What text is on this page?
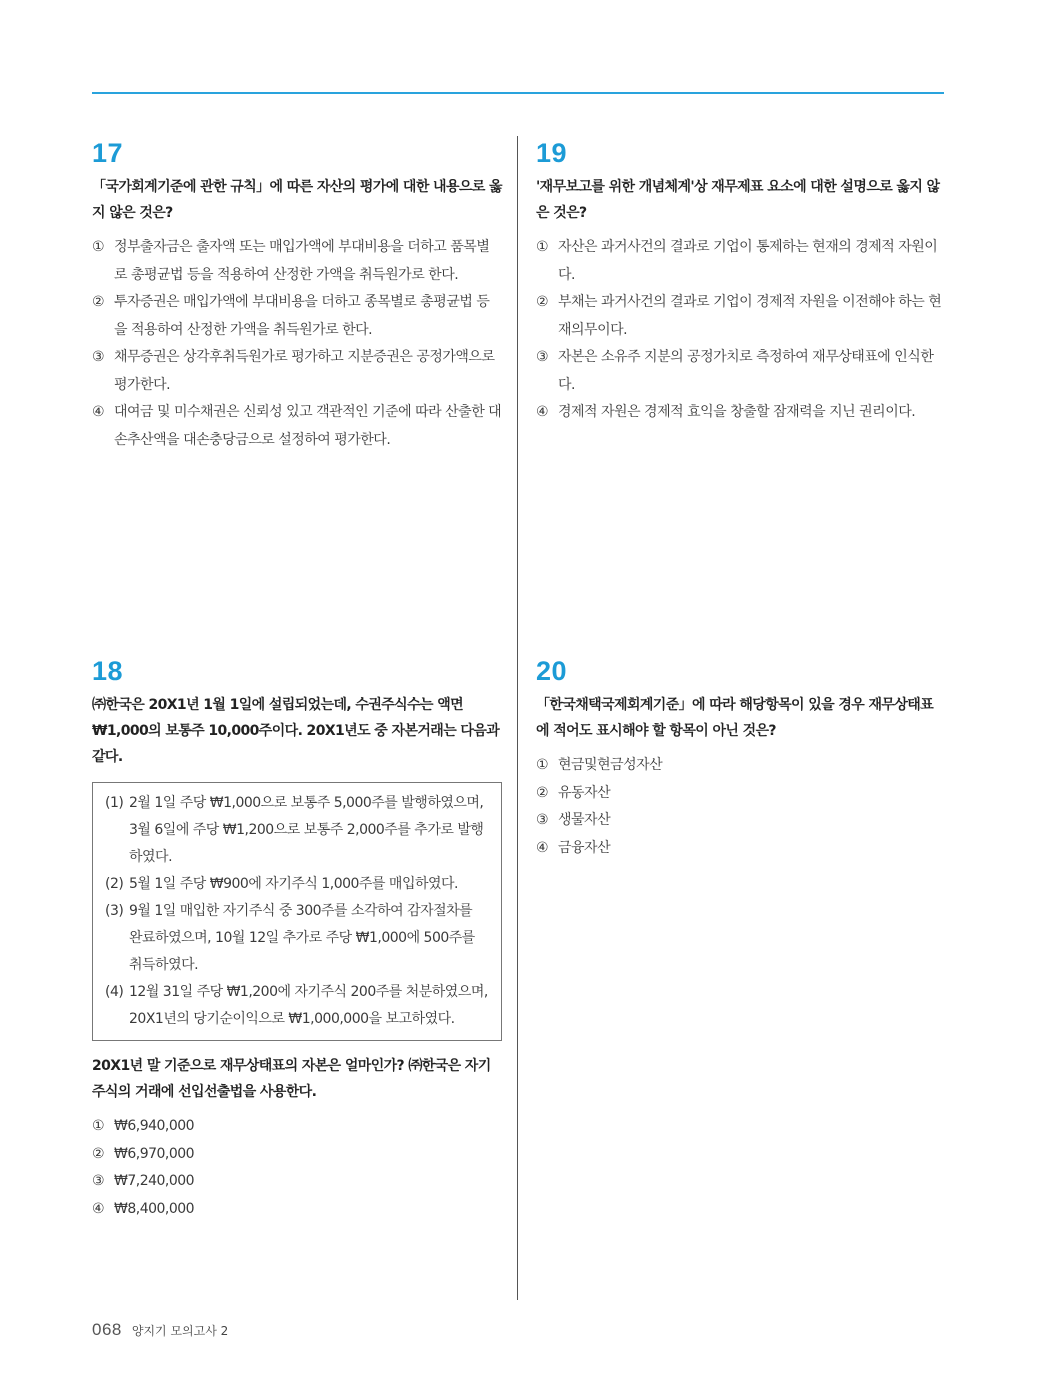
17
「국가회계기준에 관한 규칙」에 따른 자산의 평가에 대한 내용으로 옳지 않은 것은?
① 정부출자금은 출자액 또는 매입가액에 부대비용을 더하고 품목별로 총평균법 등을 적용하여 산정한 가액을 취득원가로 한다.
② 투자증권은 매입가액에 부대비용을 더하고 종목별로 총평균법 등을 적용하여 산정한 가액을 취득원가로 한다.
③ 채무증권은 상각후취득원가로 평가하고 지분증권은 공정가액으로 평가한다.
④ 대여금 및 미수채권은 신뢰성 있고 객관적인 기준에 따라 산출한 대손추산액을 대손충당금으로 설정하여 평가한다.
18
㈜한국은 20X1년 1월 1일에 설립되었는데, 수권주식수는 액면 ₩1,000의 보통주 10,000주이다. 20X1년도 중 자본거래는 다음과 같다.
(1) 2월 1일 주당 ₩1,000으로 보통주 5,000주를 발행하였으며, 3월 6일에 주당 ₩1,200으로 보통주 2,000주를 추가로 발행하였다.
(2) 5월 1일 주당 ₩900에 자기주식 1,000주를 매입하였다.
(3) 9월 1일 매입한 자기주식 중 300주를 소각하여 감자절차를 완료하였으며, 10월 12일 추가로 주당 ₩1,000에 500주를 취득하였다.
(4) 12월 31일 주당 ₩1,200에 자기주식 200주를 처분하였으며, 20X1년의 당기순이익으로 ₩1,000,000을 보고하였다.
20X1년 말 기준으로 재무상태표의 자본은 얼마인가? ㈜한국은 자기주식의 거래에 선입선출법을 사용한다.
① ₩6,940,000
② ₩6,970,000
③ ₩7,240,000
④ ₩8,400,000
19
'재무보고를 위한 개념체계'상 재무제표 요소에 대한 설명으로 옳지 않은 것은?
① 자산은 과거사건의 결과로 기업이 통제하는 현재의 경제적 자원이다.
② 부채는 과거사건의 결과로 기업이 경제적 자원을 이전해야 하는 현재의무이다.
③ 자본은 소유주 지분의 공정가치로 측정하여 재무상태표에 인식한다.
④ 경제적 자원은 경제적 효익을 창출할 잠재력을 지닌 권리이다.
20
「한국채택국제회계기준」에 따라 해당항목이 있을 경우 재무상태표에 적어도 표시해야 할 항목이 아닌 것은?
① 현금및현금성자산
② 유동자산
③ 생물자산
④ 금융자산
068 양지기 모의고사 2
